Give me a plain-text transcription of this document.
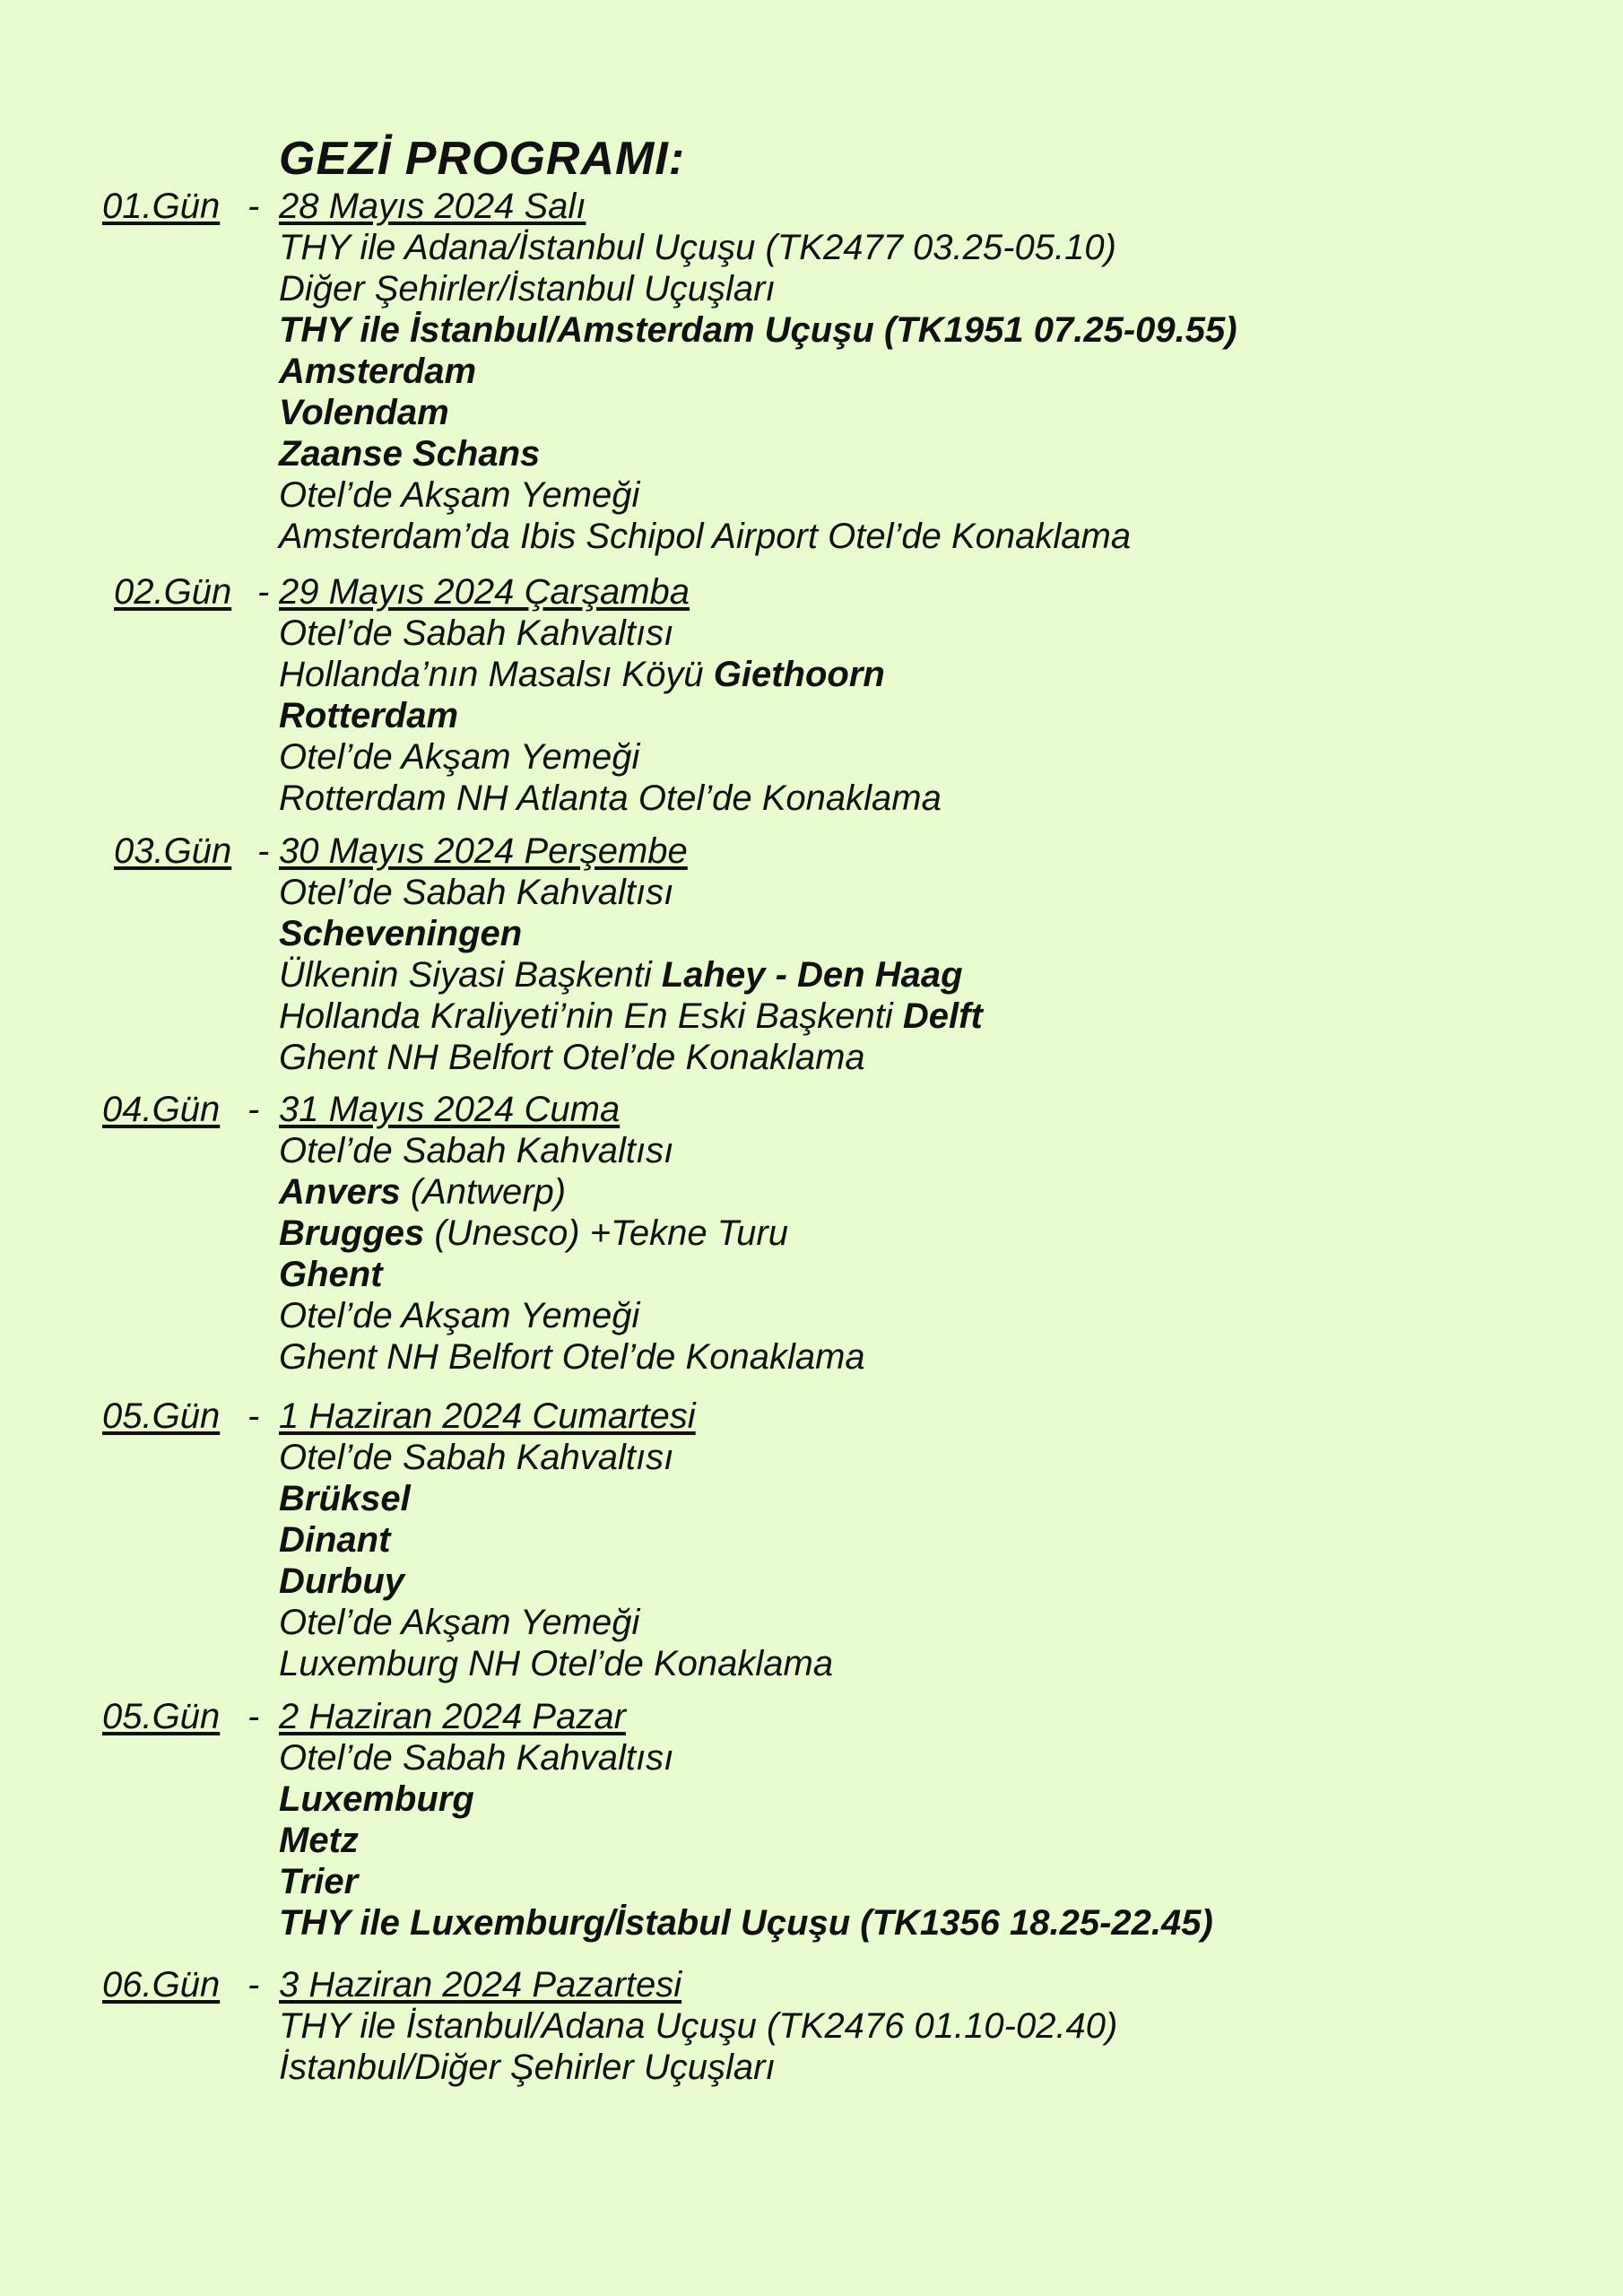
GEZİ PROGRAMI:
01.Gün - 28 Mayıs 2024 Salı
THY ile Adana/İstanbul Uçuşu (TK2477 03.25-05.10)
Diğer Şehirler/İstanbul Uçuşları
THY ile İstanbul/Amsterdam Uçuşu (TK1951 07.25-09.55)
Amsterdam
Volendam
Zaanse Schans
Otel’de Akşam Yemeği
Amsterdam’da Ibis Schipol Airport Otel’de Konaklama
02.Gün - 29 Mayıs 2024 Çarşamba
Otel’de Sabah Kahvaltısı
Hollanda’nın Masalsı Köyü Giethoorn
Rotterdam
Otel’de Akşam Yemeği
Rotterdam NH Atlanta Otel’de Konaklama
03.Gün - 30 Mayıs 2024 Perşembe
Otel’de Sabah Kahvaltısı
Scheveningen
Ülkenin Siyasi Başkenti Lahey - Den Haag
Hollanda Kraliyeti’nin En Eski Başkenti Delft
Ghent NH Belfort Otel’de Konaklama
04.Gün - 31 Mayıs 2024 Cuma
Otel’de Sabah Kahvaltısı
Anvers (Antwerp)
Brugges (Unesco) +Tekne Turu
Ghent
Otel’de Akşam Yemeği
Ghent NH Belfort Otel’de Konaklama
05.Gün - 1 Haziran 2024 Cumartesi
Otel’de Sabah Kahvaltısı
Brüksel
Dinant
Durbuy
Otel’de Akşam Yemeği
Luxemburg NH Otel’de Konaklama
05.Gün - 2 Haziran 2024 Pazar
Otel’de Sabah Kahvaltısı
Luxemburg
Metz
Trier
THY ile Luxemburg/İstabul Uçuşu (TK1356 18.25-22.45)
06.Gün - 3 Haziran 2024 Pazartesi
THY ile İstanbul/Adana Uçuşu (TK2476 01.10-02.40)
İstanbul/Diğer Şehirler Uçuşları
